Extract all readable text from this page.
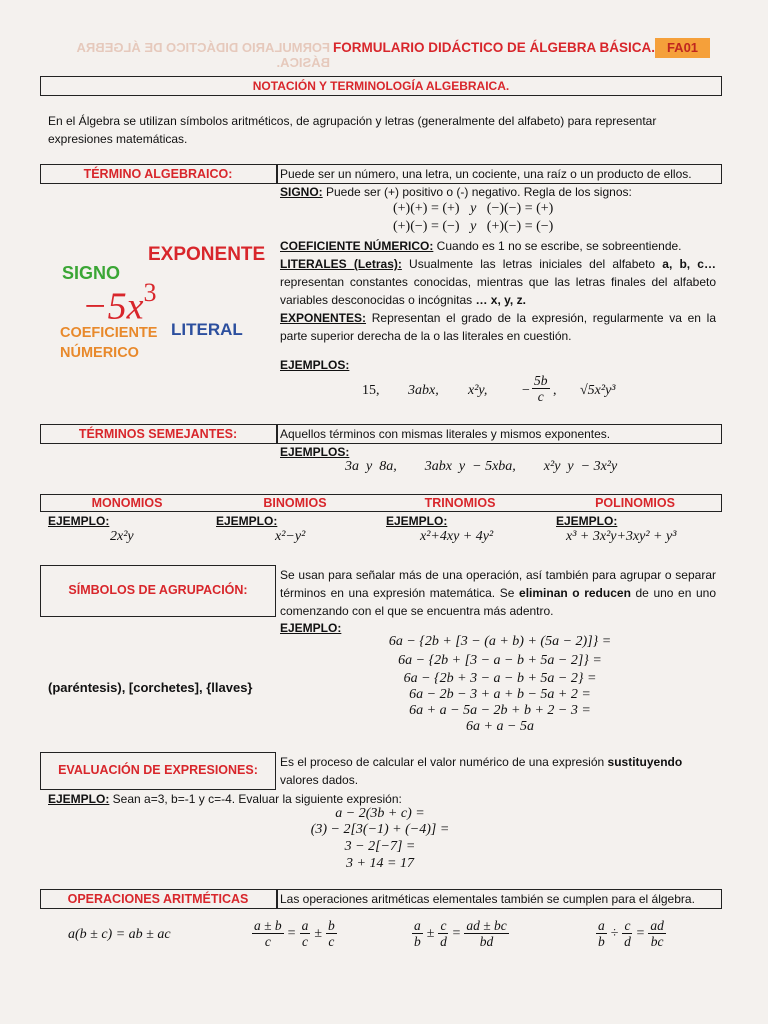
FORMULARIO DIDÁCTICO DE ÁLGEBRA BÁSICA.
FORMULARIO DIDÁCTICO DE ÁLGEBRA BÁSICA. FA01
NOTACIÓN Y TERMINOLOGÍA ALGEBRAICA.
En el Álgebra se utilizan símbolos aritméticos, de agrupación y letras (generalmente del alfabeto) para representar expresiones matemáticas.
TÉRMINO ALGEBRAICO:	Puede ser un número, una letra, un cociente, una raíz o un producto de ellos.
SIGNO: Puede ser (+) positivo o (-) negativo. Regla de los signos:
(+)(+) = (+) y (−)(−) = (+)
(+)(−) = (−) y (+)(−) = (−)
COEFICIENTE NÚMERICO: Cuando es 1 no se escribe, se sobreentiende.
LITERALES (Letras): Usualmente las letras iniciales del alfabeto a, b, c… representan constantes conocidas, mientras que las letras finales del alfabeto variables desconocidas o incógnitas … x, y, z.
EXPONENTES: Representan el grado de la expresión, regularmente va en la parte superior derecha de la o las literales en cuestión.
EJEMPLOS:
EXPONENTE
SIGNO
$-5x^3$
COEFICIENTE
NÚMERICO
LITERAL
15, 3abx, x²y, − $\frac{5b}{c}$ , √5x²y³
TÉRMINOS SEMEJANTES:	Aquellos términos con mismas literales y mismos exponentes.
EJEMPLOS:
3a  y  8a,        3abx  y  − 5xba,        x²y  y  − 3x²y
MONOMIOS	BINOMIOS	TRINOMIOS	POLINOMIOS
EJEMPLO:	EJEMPLO:	EJEMPLO:	EJEMPLO:
2x²y	x²−y²	x²+4xy + 4y²	x³ + 3x²y+3xy² + y³
SÍMBOLOS DE AGRUPACIÓN:
Se usan para señalar más de una operación, así también para agrupar o separar términos en una expresión matemática. Se eliminan o reducen de uno en uno comenzando con el que se encuentra más adentro.
EJEMPLO:
(paréntesis), [corchetes], {llaves}
6a − {2b + [3 − (a + b) + (5a − 2)]} =
6a − {2b + [3 − a − b + 5a − 2]} =
6a − {2b + 3 − a − b + 5a − 2} =
6a − 2b − 3 + a + b − 5a + 2 =
6a + a − 5a − 2b + b + 2 − 3 =
6a + a − 5a
EVALUACIÓN DE EXPRESIONES:
Es el proceso de calcular el valor numérico de una expresión sustituyendo valores dados.
EJEMPLO: Sean a=3, b=-1 y c=-4. Evaluar la siguiente expresión:
a − 2(3b + c) =
(3) − 2[3(−1) + (−4)] =
3 − 2[−7] =
3 + 14 = 17
OPERACIONES ARITMÉTICAS	Las operaciones aritméticas elementales también se cumplen para el álgebra.
a(b ± c) = ab ± ac	$\frac{a \pm b}{c} = \frac{a}{c} \pm \frac{b}{c}$	$\frac{a}{b} \pm \frac{c}{d} = \frac{ad \pm bc}{bd}$	$\frac{a}{b} \div \frac{c}{d} = \frac{ad}{bc}$
